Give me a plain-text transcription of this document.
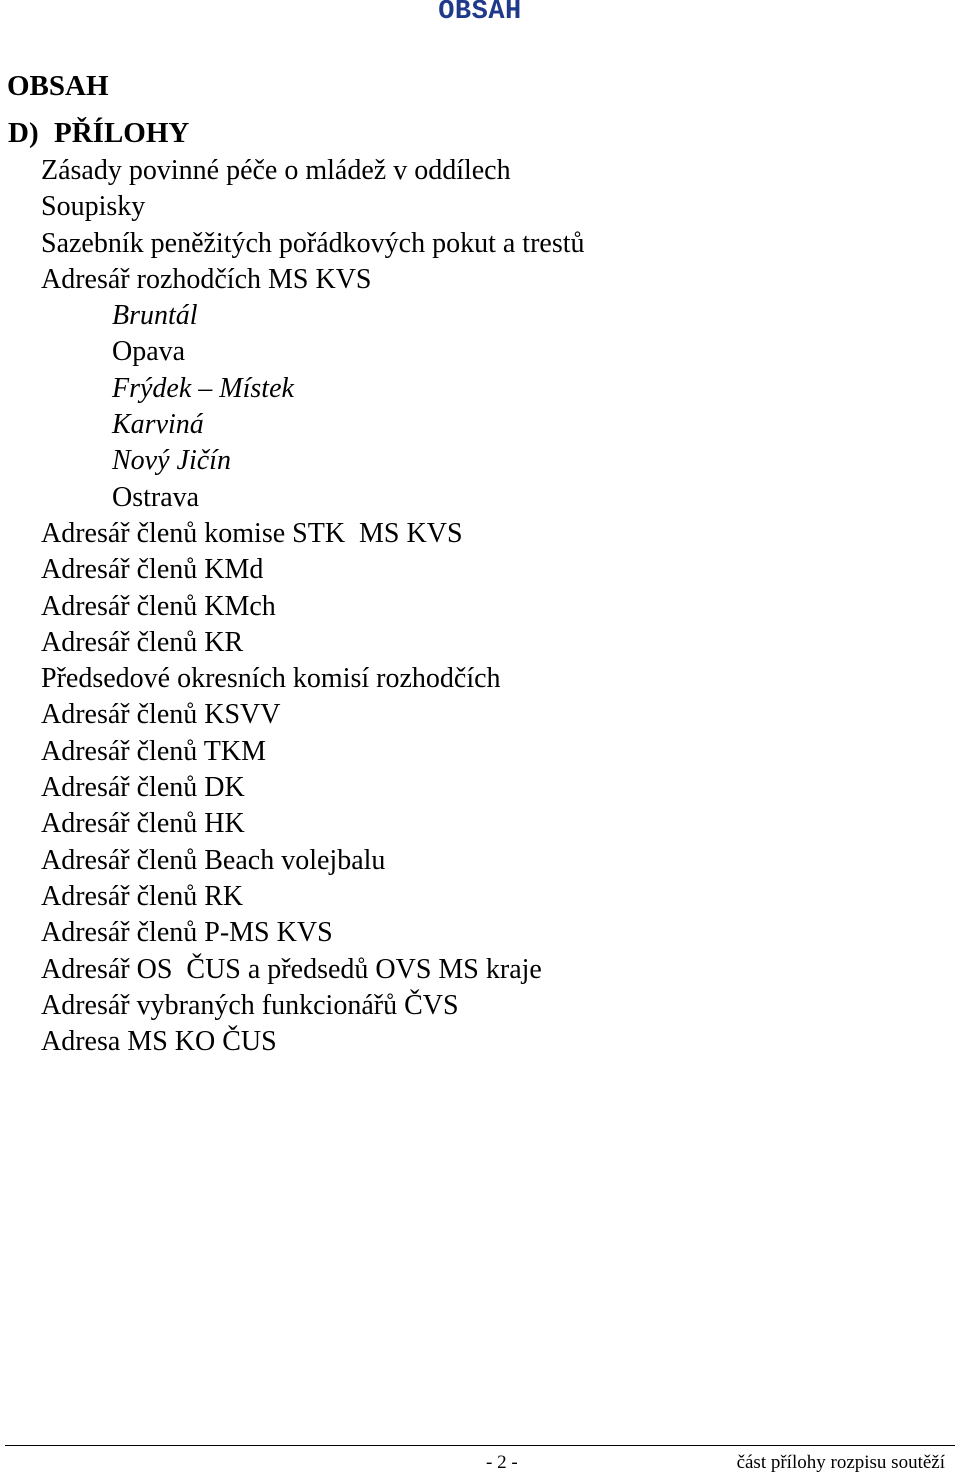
OBSAH
OBSAH
D) PŘÍLOHY
Zásady povinné péče o mládež v oddílech
Soupisky
Sazebník peněžitých pořádkových pokut a trestů
Adresář rozhodčích MS KVS
Bruntál
Opava
Frýdek – Místek
Karviná
Nový Jičín
Ostrava
Adresář členů komise STK  MS KVS
Adresář členů KMd
Adresář členů KMch
Adresář členů KR
Předsedové okresních komisí rozhodčích
Adresář členů KSVV
Adresář členů TKM
Adresář členů DK
Adresář členů HK
Adresář členů Beach volejbalu
Adresář členů RK
Adresář členů P-MS KVS
Adresář OS  ČUS a předsedů OVS MS kraje
Adresář vybraných funkcionářů ČVS
Adresa MS KO ČUS
- 2 -	část přílohy rozpisu soutěží
